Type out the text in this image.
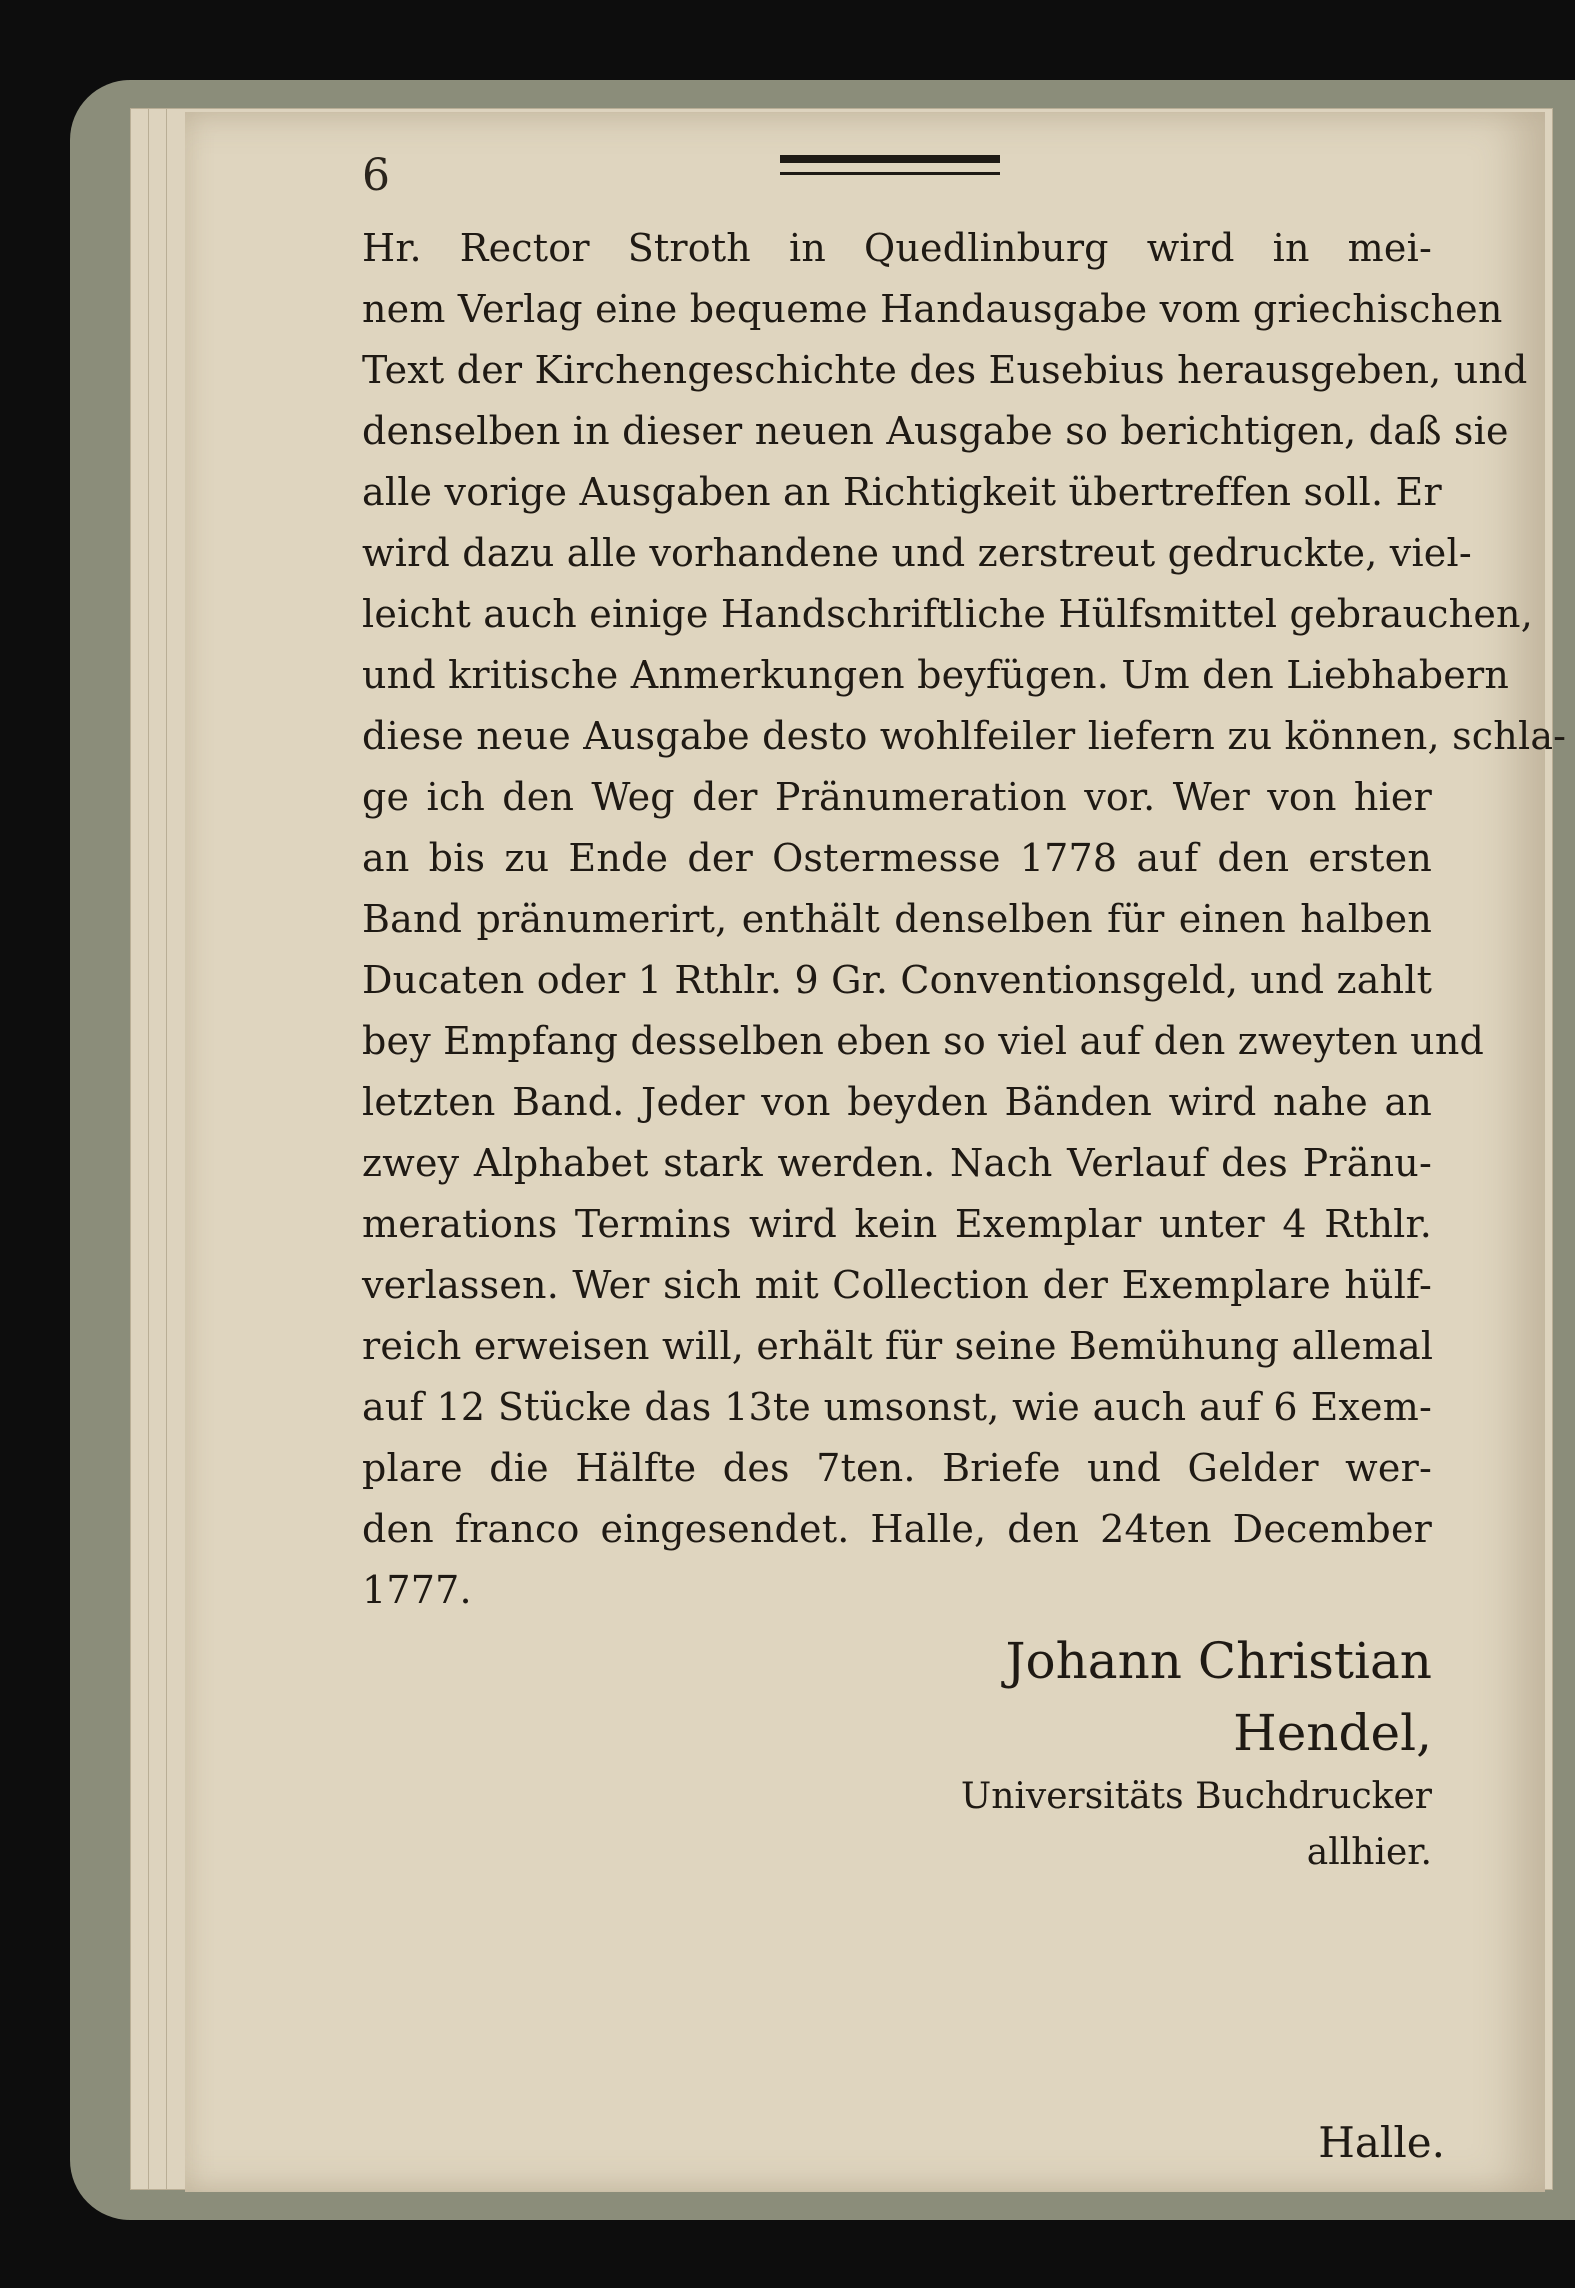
6
Hr. Rector Stroth in Quedlinburg wird in mei-
nem Verlag eine bequeme Handausgabe vom griechischen
Text der Kirchengeschichte des Eusebius herausgeben, und
denselben in dieser neuen Ausgabe so berichtigen, daß sie
alle vorige Ausgaben an Richtigkeit übertreffen soll. Er
wird dazu alle vorhandene und zerstreut gedruckte, viel-
leicht auch einige Handschriftliche Hülfsmittel gebrauchen,
und kritische Anmerkungen beyfügen. Um den Liebhabern
diese neue Ausgabe desto wohlfeiler liefern zu können, schla-
ge ich den Weg der Pränumeration vor. Wer von hier
an bis zu Ende der Ostermesse 1778 auf den ersten
Band pränumerirt, enthält denselben für einen halben
Ducaten oder 1 Rthlr. 9 Gr. Conventionsgeld, und zahlt
bey Empfang desselben eben so viel auf den zweyten und
letzten Band. Jeder von beyden Bänden wird nahe an
zwey Alphabet stark werden. Nach Verlauf des Pränu-
merations Termins wird kein Exemplar unter 4 Rthlr.
verlassen. Wer sich mit Collection der Exemplare hülf-
reich erweisen will, erhält für seine Bemühung allemal
auf 12 Stücke das 13te umsonst, wie auch auf 6 Exem-
plare die Hälfte des 7ten. Briefe und Gelder wer-
den franco eingesendet. Halle, den 24ten December
1777.
Johann Christian Hendel,
Universitäts Buchdrucker allhier.
Halle.
